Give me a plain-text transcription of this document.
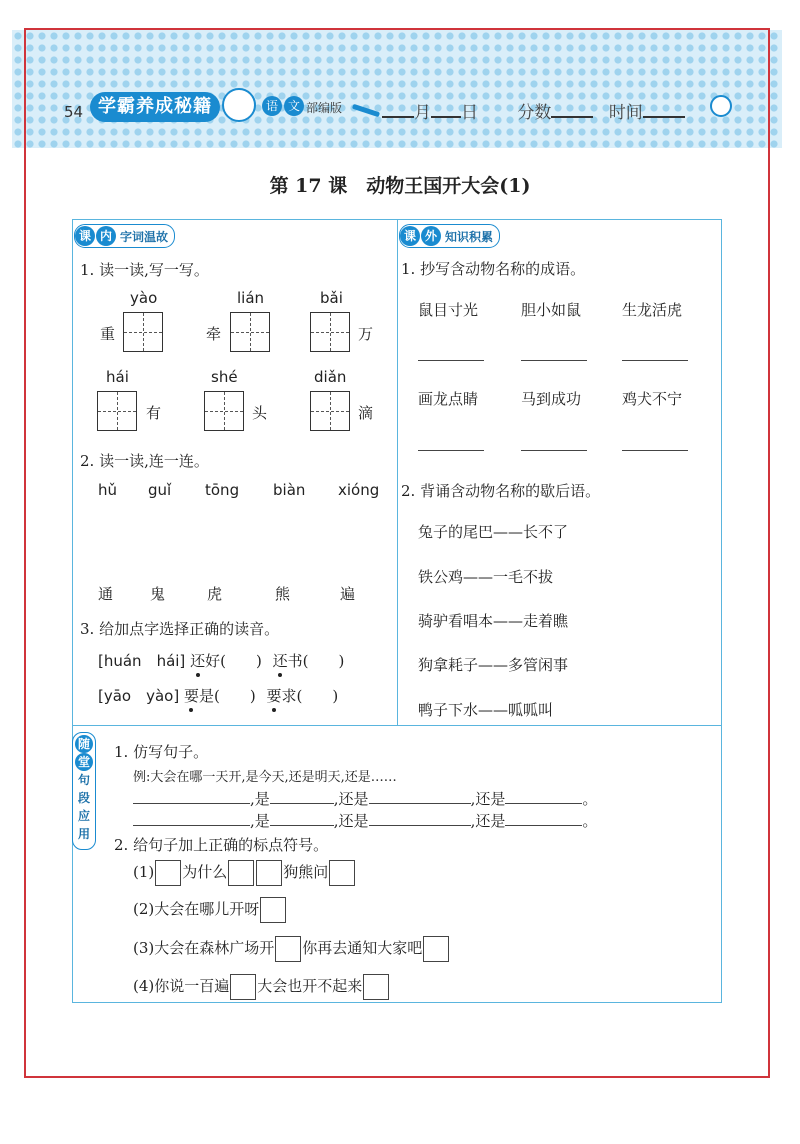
54 学霸养成秘籍	语 文 部编版	月 日 分数	时间
第 17 课　动物王国开大会(1)
课 内 字词温故	课 外 知识积累
随
堂
句
段
应
用
1. 读一读,写一写。
yào
重
lián
牵
bǎi
万
hái
有
shé
头
diǎn
滴
2. 读一读,连一连。
hǔ guǐ tōng biàn xióng
通 鬼	虎	熊	遍
3. 给加点字选择正确的读音。
[huán　hái] 还好(　　) 还书(　　)
[yāo　yào] 要是(　　) 要求(　　)
1. 抄写含动物名称的成语。
鼠目寸光	胆小如鼠	生龙活虎
画龙点睛	马到成功	鸡犬不宁
2. 背诵含动物名称的歇后语。
兔子的尾巴——长不了
铁公鸡——一毛不拔
骑驴看唱本——走着瞧
狗拿耗子——多管闲事
鸭子下水——呱呱叫
1. 仿写句子。
例:大会在哪一天开,是今天,还是明天,还是……
,是	,还是	,还是	。
,是	,还是	,还是	。
2. 给句子加上正确的标点符号。
(1) 为什么	狗熊问
(2)大会在哪儿开呀
(3)大会在森林广场开 你再去通知大家吧
(4)你说一百遍 大会也开不起来
